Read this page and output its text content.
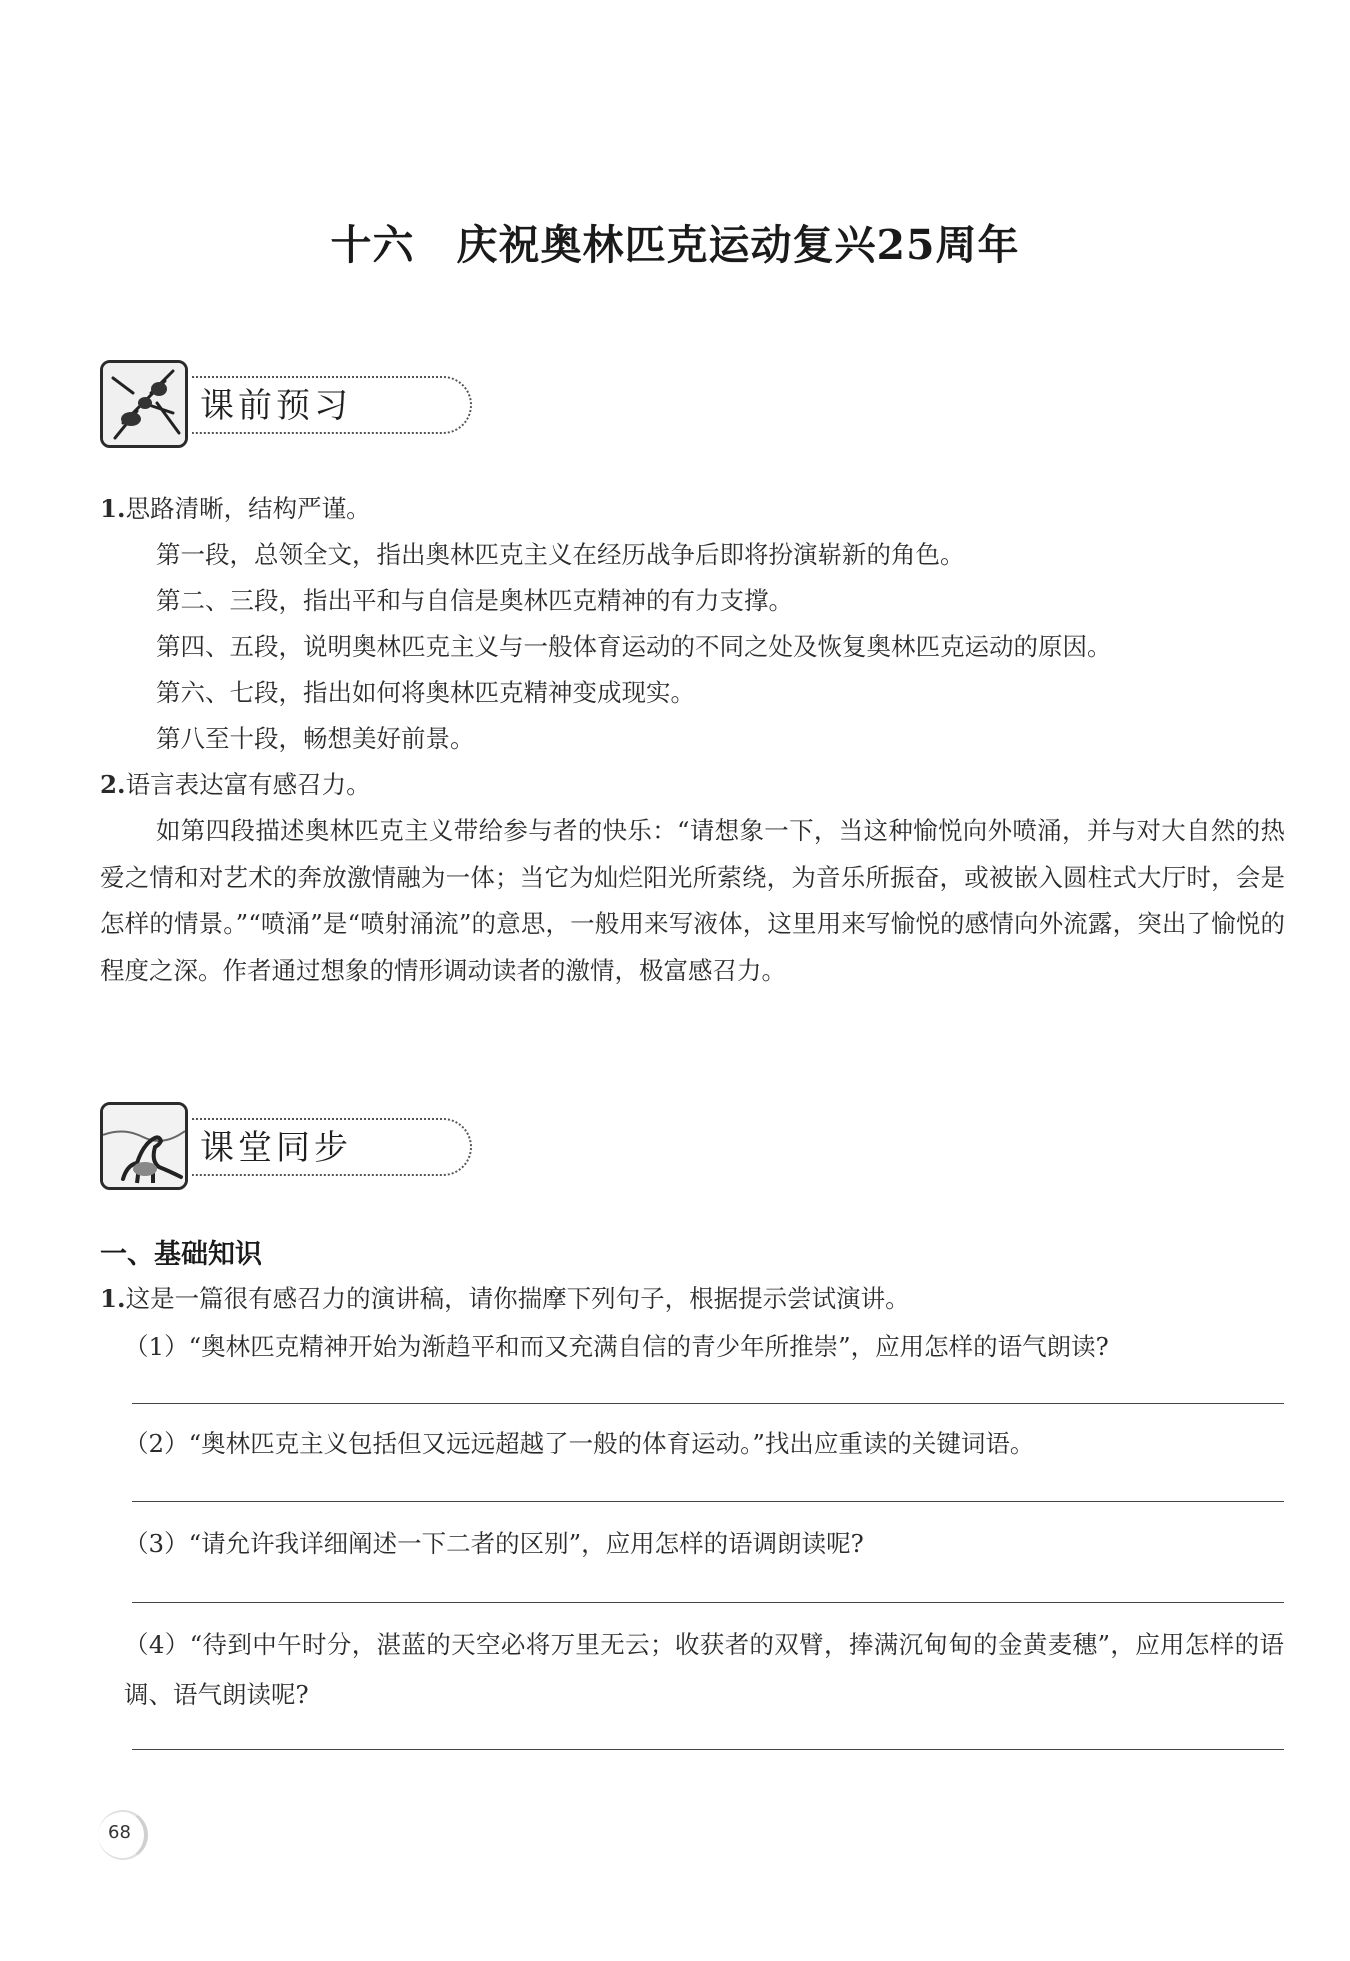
十六 庆祝奥林匹克运动复兴25周年
课前预习
1.思路清晰，结构严谨。
第一段，总领全文，指出奥林匹克主义在经历战争后即将扮演崭新的角色。
第二、三段，指出平和与自信是奥林匹克精神的有力支撑。
第四、五段，说明奥林匹克主义与一般体育运动的不同之处及恢复奥林匹克运动的原因。
第六、七段，指出如何将奥林匹克精神变成现实。
第八至十段，畅想美好前景。
2.语言表达富有感召力。

如第四段描述奥林匹克主义带给参与者的快乐：“请想象一下，当这种愉悦向外喷涌，并与对大自然的热爱之情和对艺术的奔放激情融为一体；当它为灿烂阳光所萦绕，为音乐所振奋，或被嵌入圆柱式大厅时，会是怎样的情景。”“喷涌”是“喷射涌流”的意思，一般用来写液体，这里用来写愉悦的感情向外流露，突出了愉悦的程度之深。作者通过想象的情形调动读者的激情，极富感召力。

课堂同步
一、基础知识
1.这是一篇很有感召力的演讲稿，请你揣摩下列句子，根据提示尝试演讲。
（1）“奥林匹克精神开始为渐趋平和而又充满自信的青少年所推崇”，应用怎样的语气朗读?
（2）“奥林匹克主义包括但又远远超越了一般的体育运动。”找出应重读的关键词语。
（3）“请允许我详细阐述一下二者的区别”，应用怎样的语调朗读呢?

（4）“待到中午时分，湛蓝的天空必将万里无云；收获者的双臂，捧满沉甸甸的金黄麦穗”，应用怎样的语调、语气朗读呢?

68
